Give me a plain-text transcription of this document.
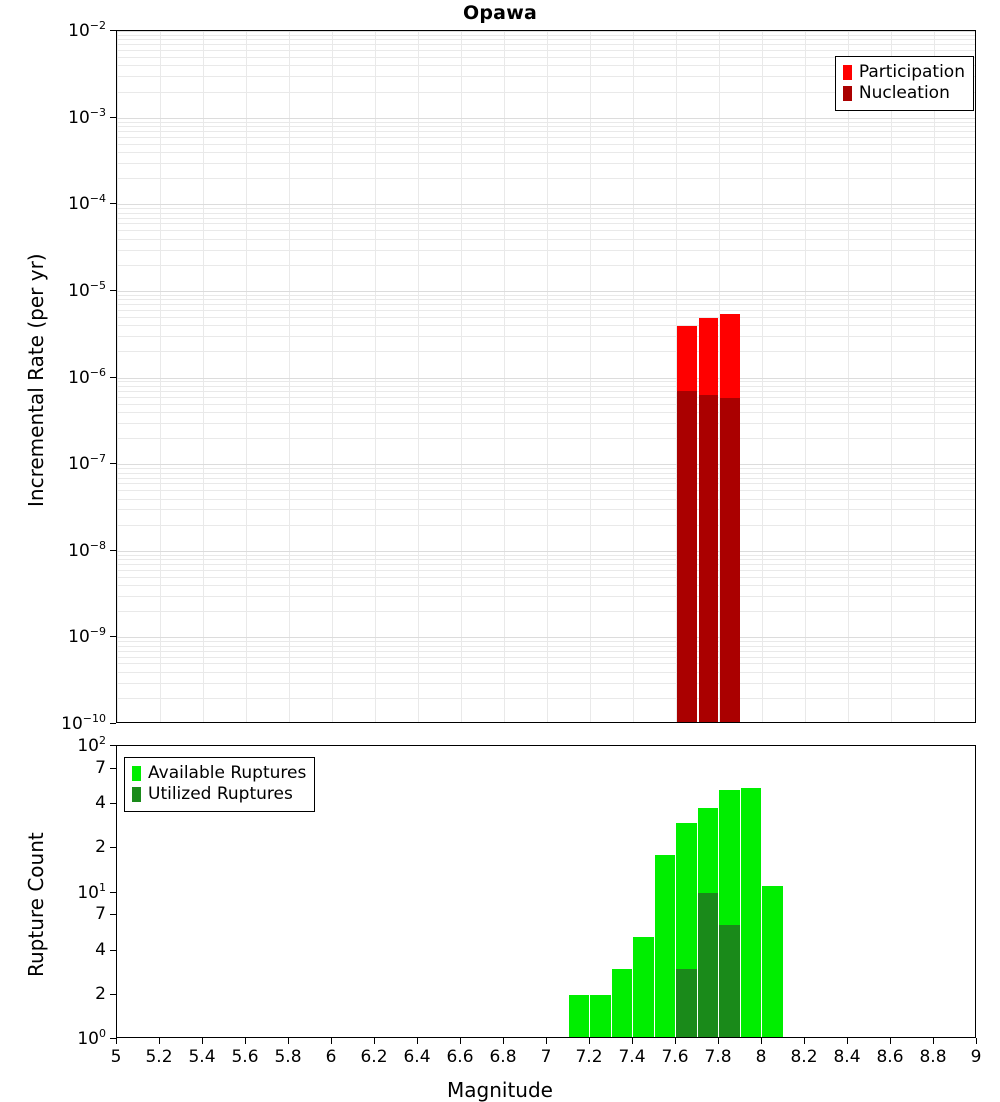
Opawa
$10^{-2}$
$10^{-3}$
$10^{-4}$
$10^{-5}$
$10^{-6}$
$10^{-7}$
$10^{-8}$
$10^{-9}$
$10^{-10}$
Incremental Rate (per yr)
Participation
Nucleation
$10^2$
7
4
2
$10^1$
7
4
2
$10^0$
5 5.2 5.4 5.6 5.8 6 6.2 6.4 6.6 6.8 7 7.2 7.4 7.6 7.8 8 8.2 8.4 8.6 8.8 9
Rupture Count
Available Ruptures
Utilized Ruptures
Magnitude
